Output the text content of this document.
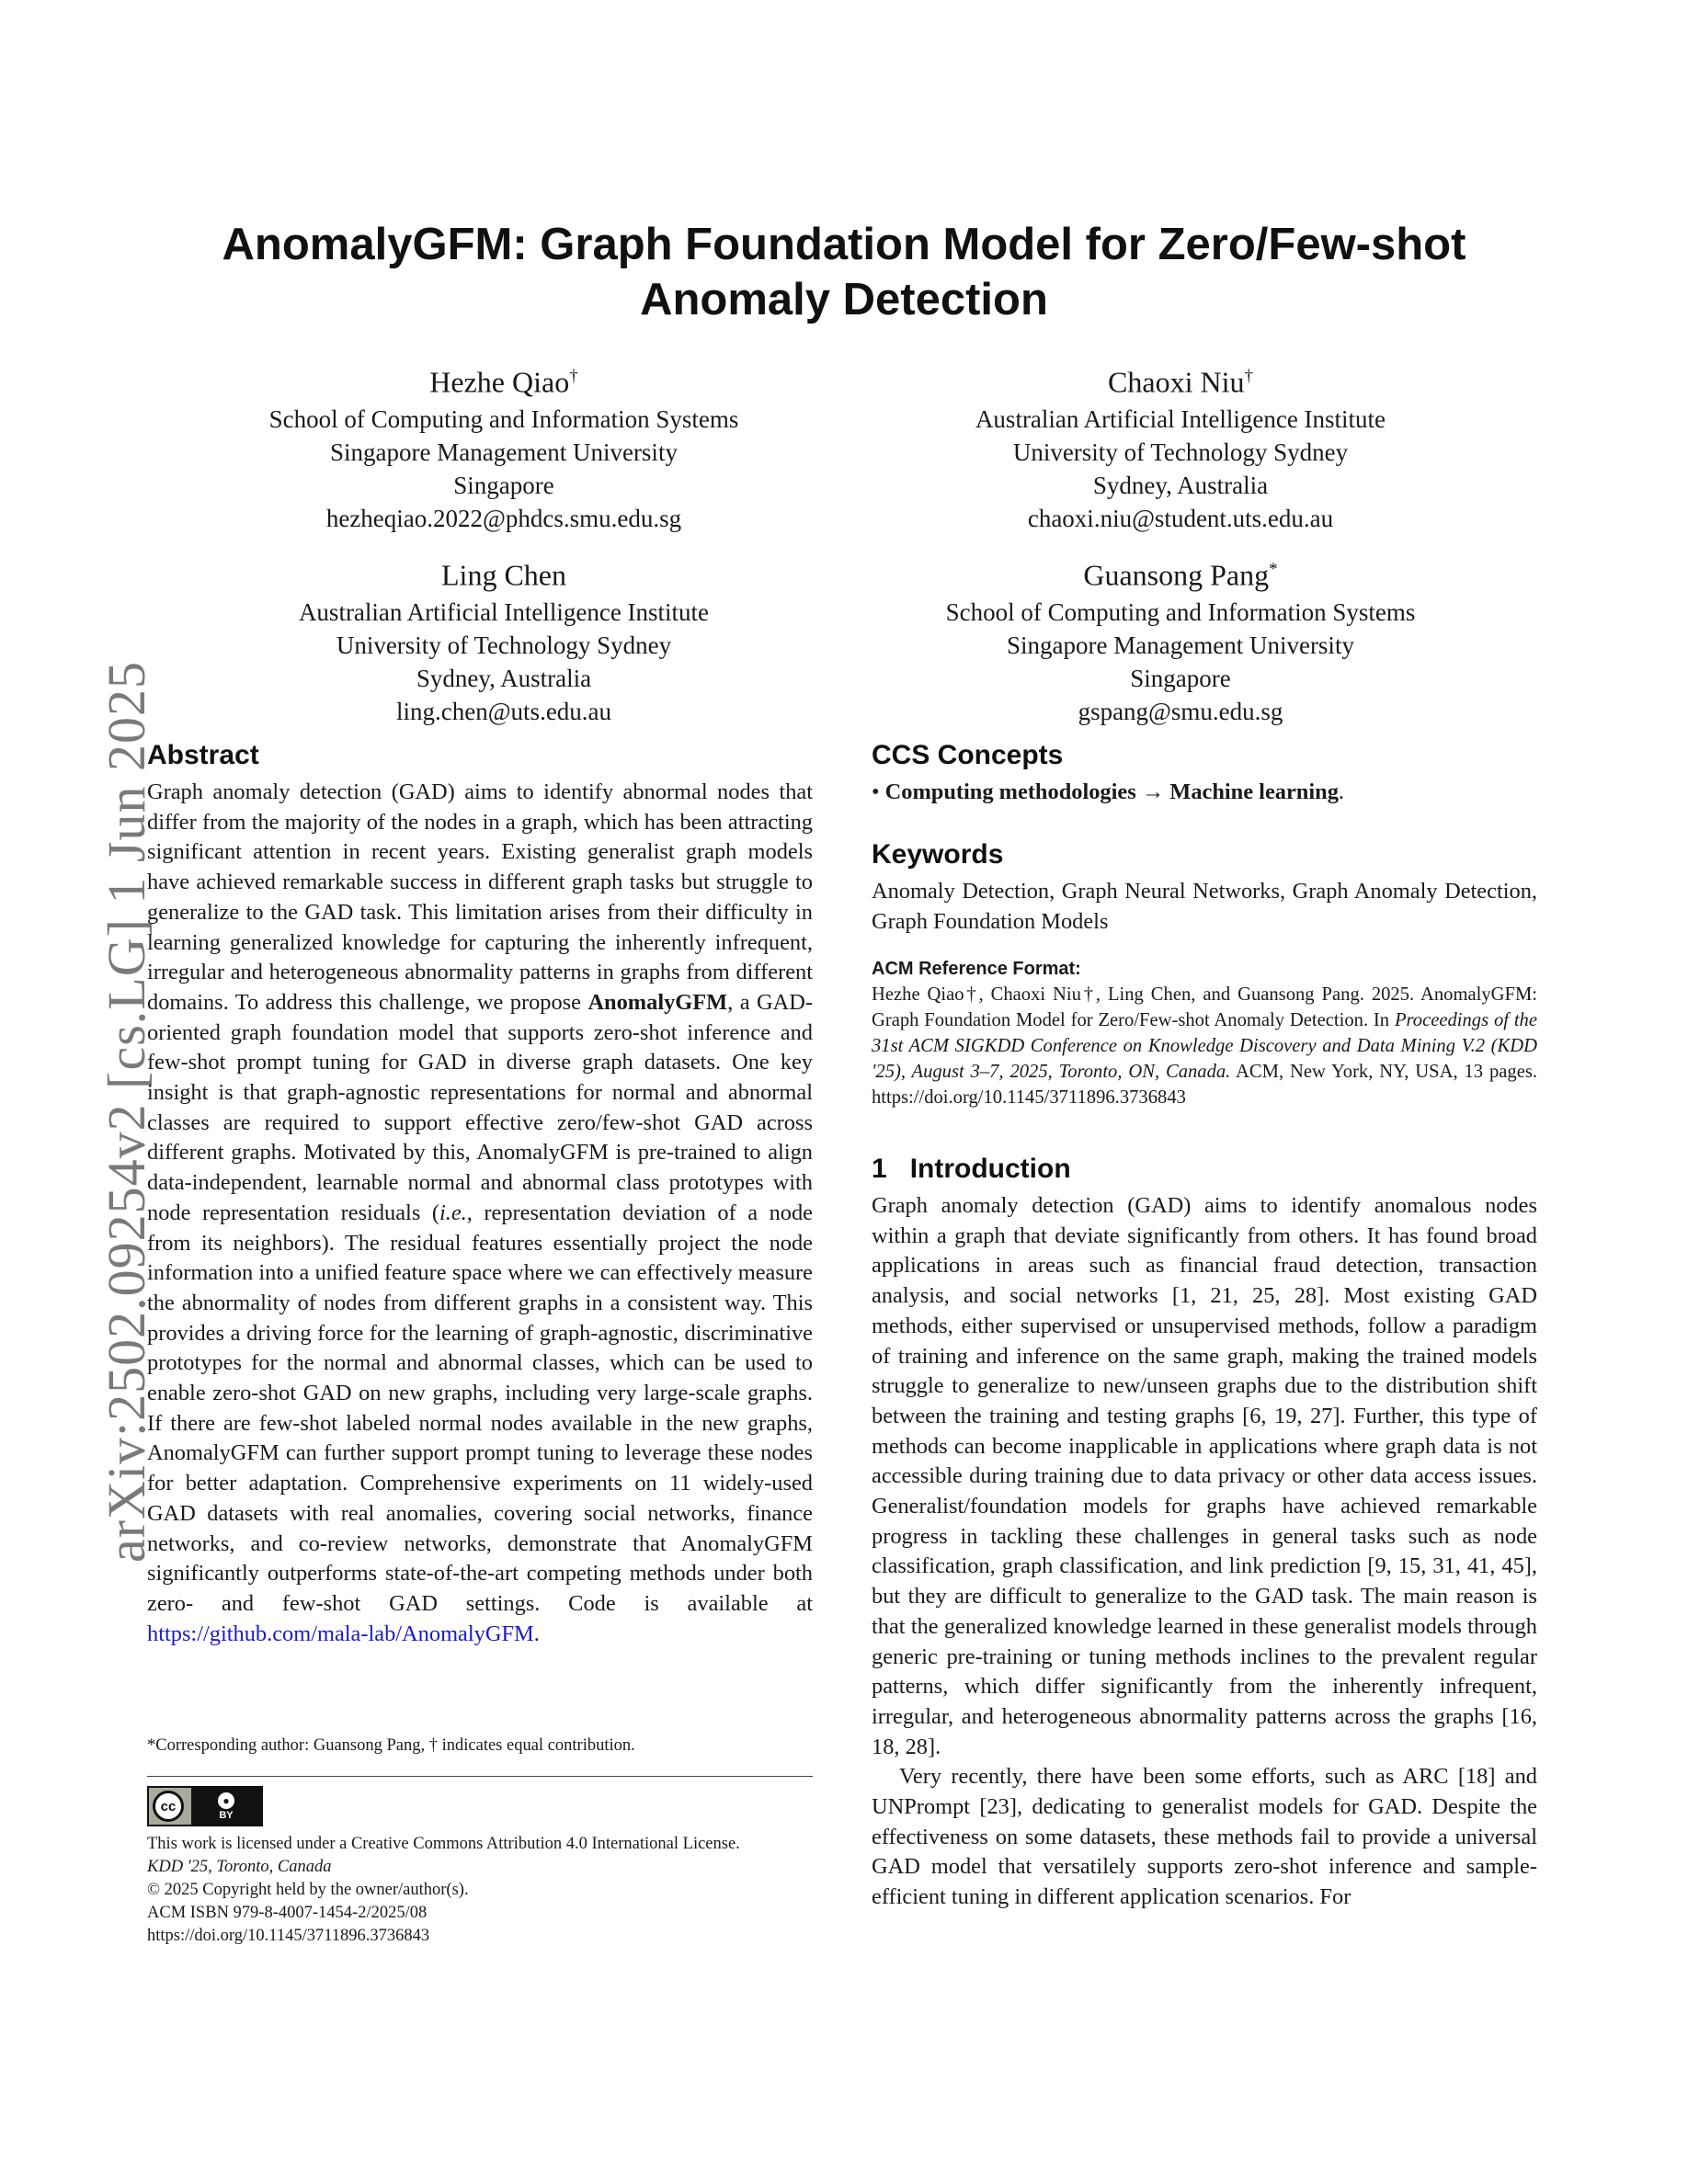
arXiv:2502.09254v2 [cs.LG] 1 Jun 2025
AnomalyGFM: Graph Foundation Model for Zero/Few-shot Anomaly Detection
Hezhe Qiao†
School of Computing and Information Systems
Singapore Management University
Singapore
hezheqiao.2022@phdcs.smu.edu.sg
Chaoxi Niu†
Australian Artificial Intelligence Institute
University of Technology Sydney
Sydney, Australia
chaoxi.niu@student.uts.edu.au
Ling Chen
Australian Artificial Intelligence Institute
University of Technology Sydney
Sydney, Australia
ling.chen@uts.edu.au
Guansong Pang*
School of Computing and Information Systems
Singapore Management University
Singapore
gspang@smu.edu.sg
Abstract

Graph anomaly detection (GAD) aims to identify abnormal nodes that differ from the majority of the nodes in a graph, which has been attracting significant attention in recent years. Existing generalist graph models have achieved remarkable success in different graph tasks but struggle to generalize to the GAD task. This limitation arises from their difficulty in learning generalized knowledge for capturing the inherently infrequent, irregular and heterogeneous abnormality patterns in graphs from different domains. To address this challenge, we propose AnomalyGFM, a GAD-oriented graph foundation model that supports zero-shot inference and few-shot prompt tuning for GAD in diverse graph datasets. One key insight is that graph-agnostic representations for normal and abnormal classes are required to support effective zero/few-shot GAD across different graphs. Motivated by this, AnomalyGFM is pre-trained to align data-independent, learnable normal and abnormal class prototypes with node representation residuals (i.e., representation deviation of a node from its neighbors). The residual features essentially project the node information into a unified feature space where we can effectively measure the abnormality of nodes from different graphs in a consistent way. This provides a driving force for the learning of graph-agnostic, discriminative prototypes for the normal and abnormal classes, which can be used to enable zero-shot GAD on new graphs, including very large-scale graphs. If there are few-shot labeled normal nodes available in the new graphs, AnomalyGFM can further support prompt tuning to leverage these nodes for better adaptation. Comprehensive experiments on 11 widely-used GAD datasets with real anomalies, covering social networks, finance networks, and co-review networks, demonstrate that AnomalyGFM significantly outperforms state-of-the-art competing methods under both zero- and few-shot GAD settings. Code is available at https://github.com/mala-lab/AnomalyGFM.

*Corresponding author: Guansong Pang, † indicates equal contribution.
cc	●
BY
This work is licensed under a Creative Commons Attribution 4.0 International License.
KDD '25, Toronto, Canada
© 2025 Copyright held by the owner/author(s).
ACM ISBN 979-8-4007-1454-2/2025/08
https://doi.org/10.1145/3711896.3736843
CCS Concepts

• Computing methodologies → Machine learning.

Keywords

Anomaly Detection, Graph Neural Networks, Graph Anomaly Detection, Graph Foundation Models

ACM Reference Format:

Hezhe Qiao†, Chaoxi Niu†, Ling Chen, and Guansong Pang. 2025. AnomalyGFM: Graph Foundation Model for Zero/Few-shot Anomaly Detection. In Proceedings of the 31st ACM SIGKDD Conference on Knowledge Discovery and Data Mining V.2 (KDD '25), August 3–7, 2025, Toronto, ON, Canada. ACM, New York, NY, USA, 13 pages. https://doi.org/10.1145/3711896.3736843

1   Introduction

Graph anomaly detection (GAD) aims to identify anomalous nodes within a graph that deviate significantly from others. It has found broad applications in areas such as financial fraud detection, transaction analysis, and social networks [1, 21, 25, 28]. Most existing GAD methods, either supervised or unsupervised methods, follow a paradigm of training and inference on the same graph, making the trained models struggle to generalize to new/unseen graphs due to the distribution shift between the training and testing graphs [6, 19, 27]. Further, this type of methods can become inapplicable in applications where graph data is not accessible during training due to data privacy or other data access issues. Generalist/foundation models for graphs have achieved remarkable progress in tackling these challenges in general tasks such as node classification, graph classification, and link prediction [9, 15, 31, 41, 45], but they are difficult to generalize to the GAD task. The main reason is that the generalized knowledge learned in these generalist models through generic pre-training or tuning methods inclines to the prevalent regular patterns, which differ significantly from the inherently infrequent, irregular, and heterogeneous abnormality patterns across the graphs [16, 18, 28].

Very recently, there have been some efforts, such as ARC [18] and UNPrompt [23], dedicating to generalist models for GAD. Despite the effectiveness on some datasets, these methods fail to provide a universal GAD model that versatilely supports zero-shot inference and sample-efficient tuning in different application scenarios. For
